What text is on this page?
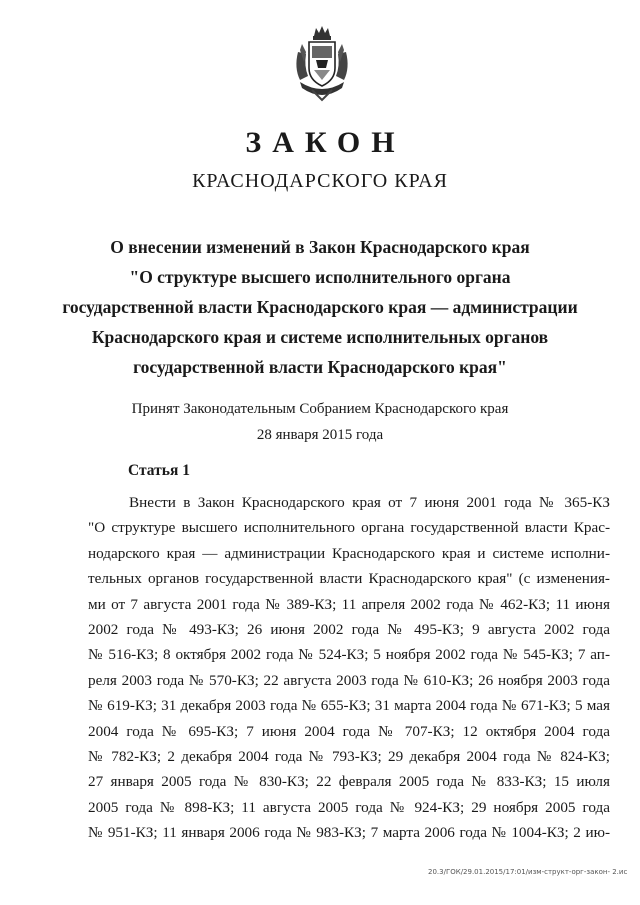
ЗАКОН
КРАСНОДАРСКОГО КРАЯ
О внесении изменений в Закон Краснодарского края
"О структуре высшего исполнительного органа
государственной власти Краснодарского края — администрации
Краснодарского края и системе исполнительных органов
государственной власти Краснодарского края"
Принят Законодательным Собранием Краснодарского края
28 января 2015 года
Статья 1
Внести в Закон Краснодарского края от 7 июня 2001 года № 365-КЗ
"О структуре высшего исполнительного органа государственной власти Крас-
нодарского края — администрации Краснодарского края и системе исполни-
тельных органов государственной власти Краснодарского края" (с изменения-
ми от 7 августа 2001 года № 389-КЗ; 11 апреля 2002 года № 462-КЗ; 11 июня
2002 года № 493-КЗ; 26 июня 2002 года № 495-КЗ; 9 августа 2002 года
№ 516-КЗ; 8 октября 2002 года № 524-КЗ; 5 ноября 2002 года № 545-КЗ; 7 ап-
реля 2003 года № 570-КЗ; 22 августа 2003 года № 610-КЗ; 26 ноября 2003 года
№ 619-КЗ; 31 декабря 2003 года № 655-КЗ; 31 марта 2004 года № 671-КЗ; 5 мая
2004 года № 695-КЗ; 7 июня 2004 года № 707-КЗ; 12 октября 2004 года
№ 782-КЗ; 2 декабря 2004 года № 793-КЗ; 29 декабря 2004 года № 824-КЗ;
27 января 2005 года № 830-КЗ; 22 февраля 2005 года № 833-КЗ; 15 июля
2005 года № 898-КЗ; 11 августа 2005 года № 924-КЗ; 29 ноября 2005 года
№ 951-КЗ; 11 января 2006 года № 983-КЗ; 7 марта 2006 года № 1004-КЗ; 2 ию-
20.3/ГОК/29.01.2015/17:01/изм-структ-орг-закон- 2.ис
